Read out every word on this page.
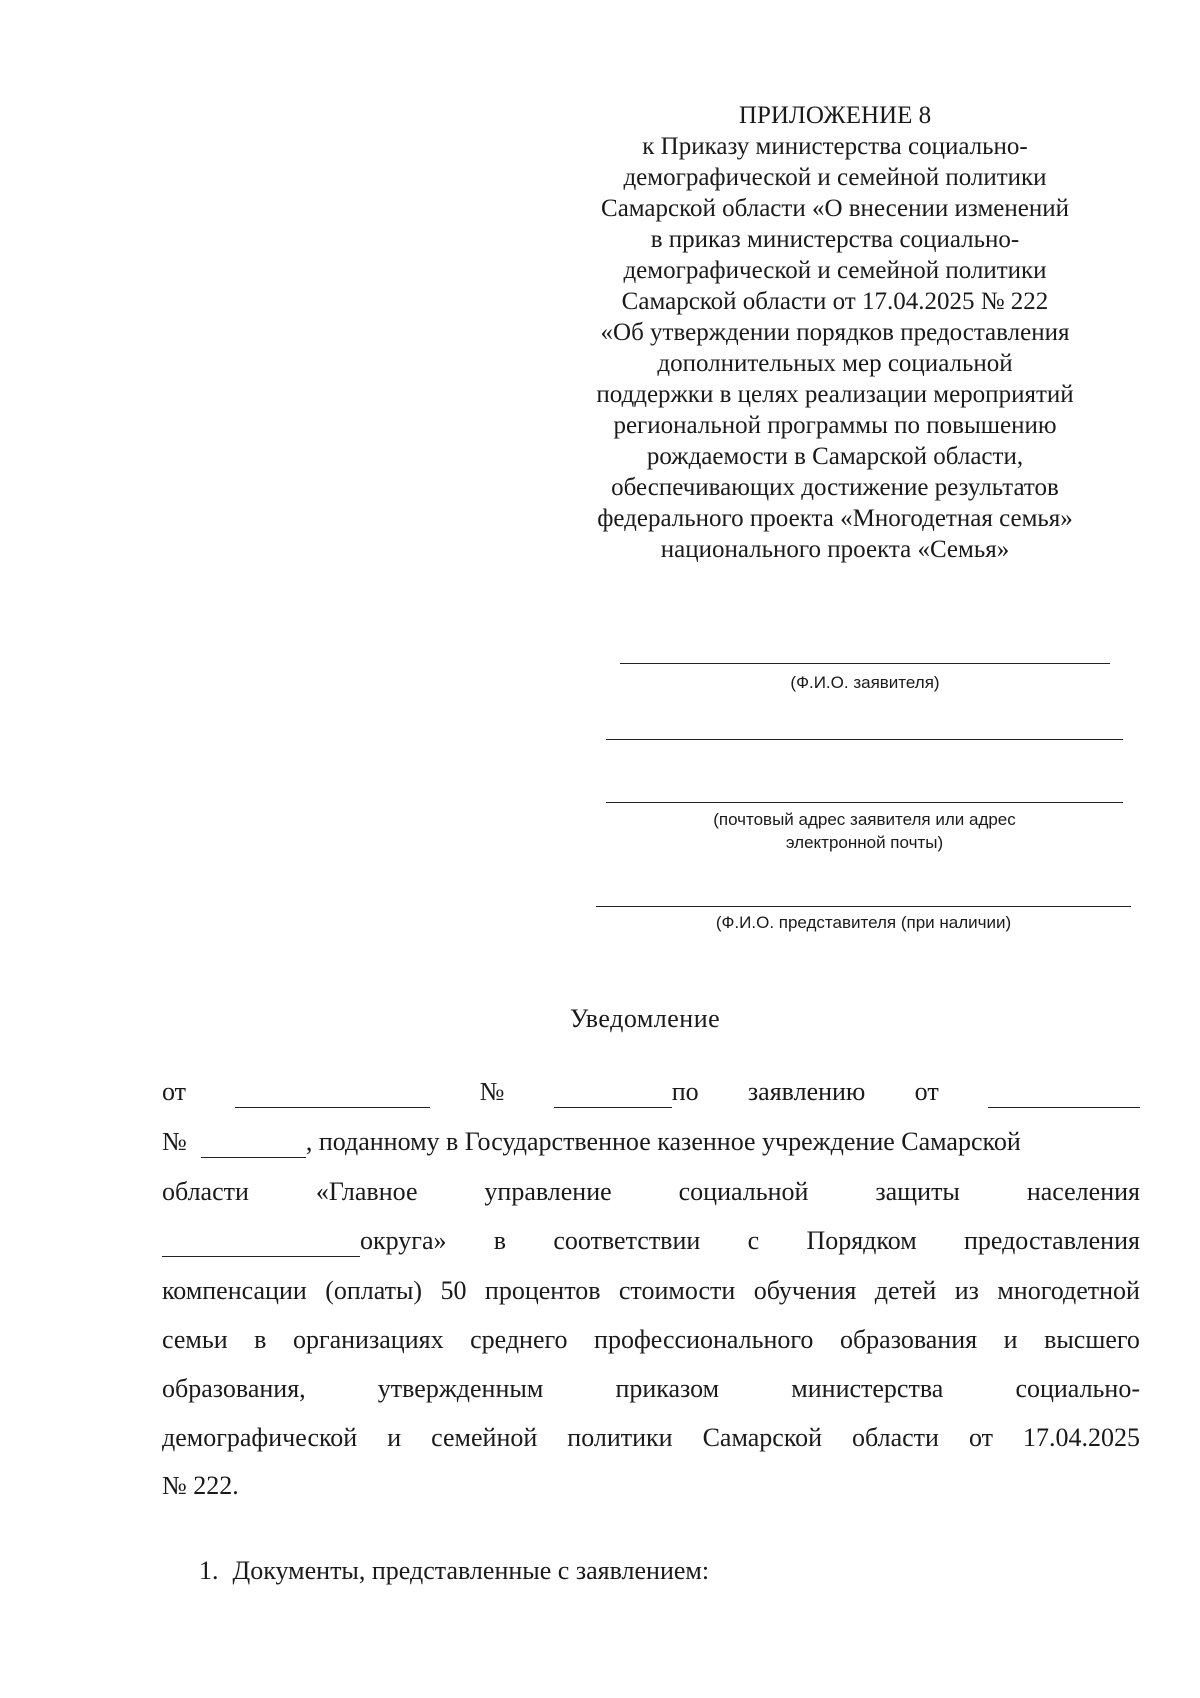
ПРИЛОЖЕНИЕ 8
к Приказу министерства социально-
демографической и семейной политики
Самарской области «О внесении изменений
в приказ министерства социально-
демографической и семейной политики
Самарской области от 17.04.2025 № 222
«Об утверждении порядков предоставления
дополнительных мер социальной
поддержки в целях реализации мероприятий
региональной программы по повышению
рождаемости в Самарской области,
обеспечивающих достижение результатов
федерального проекта «Многодетная семья»
национального проекта «Семья»
(Ф.И.О. заявителя)
(почтовый адрес заявителя или адрес
электронной почты)
(Ф.И.О. представителя (при наличии)
Уведомление
от	№	по заявлению от
№	, поданному в Государственное казенное учреждение Самарской
области	«Главное	управление	социальной	защиты	населения
округа» в соответствии с Порядком предоставления
компенсации (оплаты) 50 процентов стоимости обучения детей из многодетной
семьи в организациях среднего профессионального образования и высшего
образования,	утвержденным	приказом	министерства	социально-
демографической и семейной политики Самарской области от 17.04.2025
№ 222.
1. Документы, представленные с заявлением:
